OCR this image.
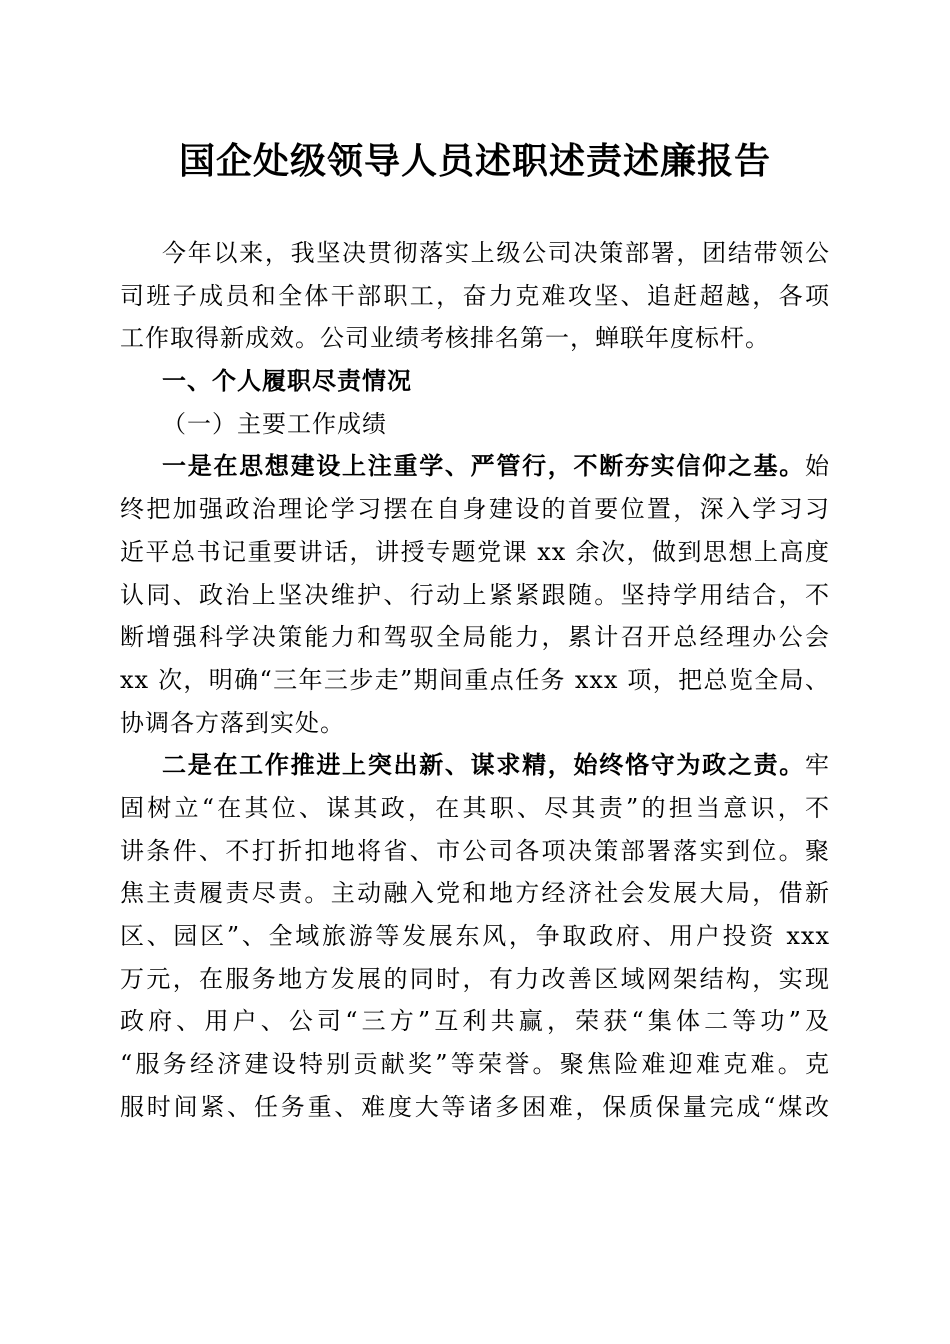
国企处级领导人员述职述责述廉报告
今年以来，我坚决贯彻落实上级公司决策部署，团结带领公
司班子成员和全体干部职工，奋力克难攻坚、追赶超越，各项
工作取得新成效。公司业绩考核排名第一，蝉联年度标杆。
一、个人履职尽责情况
（一）主要工作成绩
一是在思想建设上注重学、严管行，不断夯实信仰之基。始
终把加强政治理论学习摆在自身建设的首要位置，深入学习习
近平总书记重要讲话，讲授专题党课 xx 余次，做到思想上高度
认同、政治上坚决维护、行动上紧紧跟随。坚持学用结合，不
断增强科学决策能力和驾驭全局能力，累计召开总经理办公会
xx 次，明确“三年三步走”期间重点任务 xxx 项，把总览全局、
协调各方落到实处。
二是在工作推进上突出新、谋求精，始终恪守为政之责。牢
固树立“在其位、谋其政，在其职、尽其责”的担当意识，不
讲条件、不打折扣地将省、市公司各项决策部署落实到位。聚
焦主责履责尽责。主动融入党和地方经济社会发展大局，借新
区、园区”、全域旅游等发展东风，争取政府、用户投资 xxx
万元，在服务地方发展的同时，有力改善区域网架结构，实现
政府、用户、公司“三方”互利共赢，荣获“集体二等功”及
“服务经济建设特别贡献奖”等荣誉。聚焦险难迎难克难。克
服时间紧、任务重、难度大等诸多困难，保质保量完成“煤改
